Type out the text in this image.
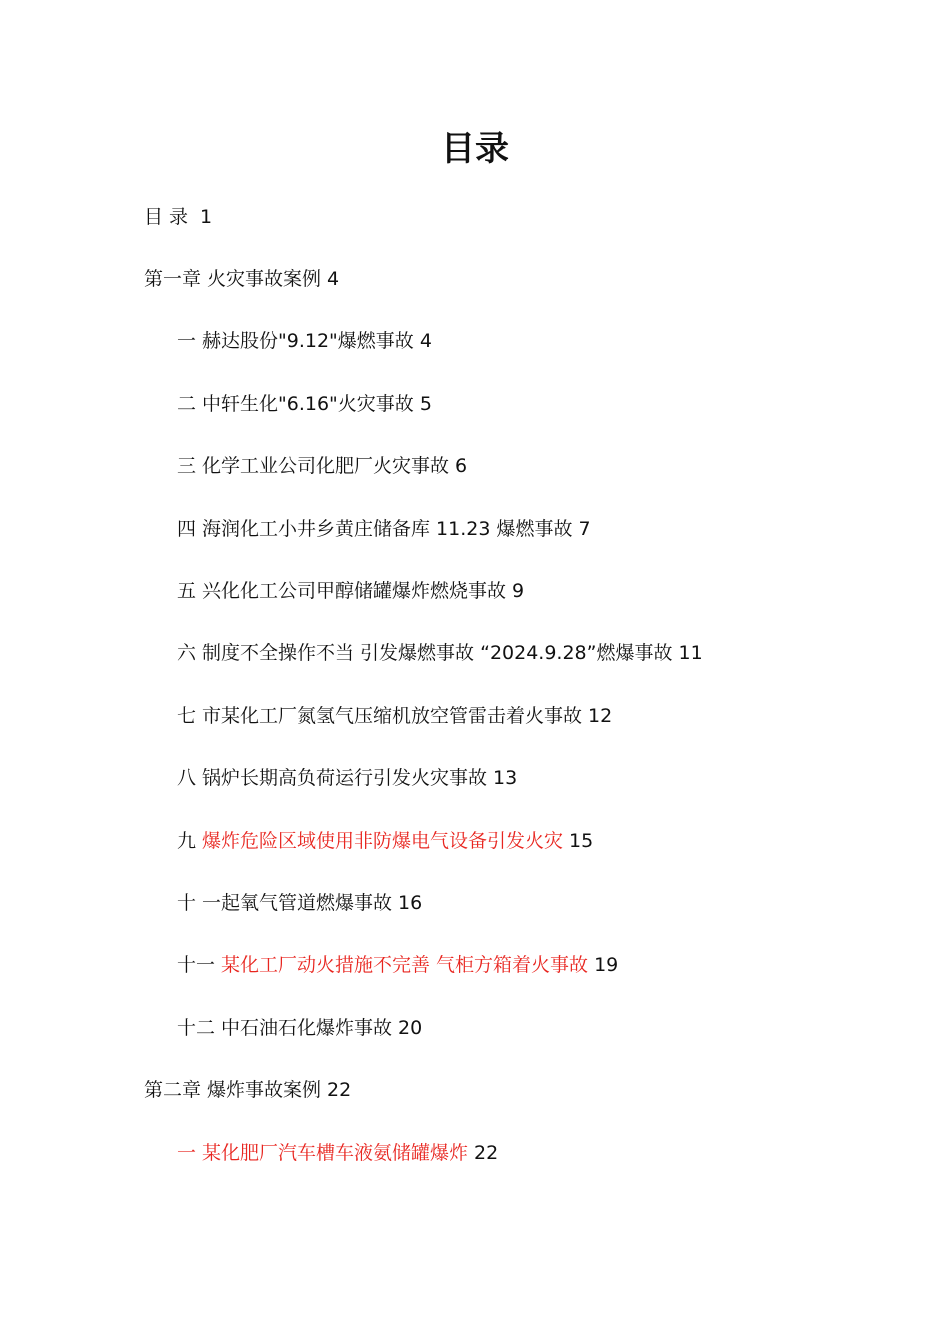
目录
目 录 1
第一章 火灾事故案例 4
一 赫达股份"9.12"爆燃事故 4
二 中轩生化"6.16"火灾事故 5
三 化学工业公司化肥厂火灾事故 6
四 海润化工小井乡黄庄储备库 11.23 爆燃事故 7
五 兴化化工公司甲醇储罐爆炸燃烧事故 9
六 制度不全操作不当 引发爆燃事故 “2024.9.28”燃爆事故 11
七 市某化工厂氮氢气压缩机放空管雷击着火事故 12
八 锅炉长期高负荷运行引发火灾事故 13
九 爆炸危险区域使用非防爆电气设备引发火灾 15
十 一起氧气管道燃爆事故 16
十一 某化工厂动火措施不完善 气柜方箱着火事故 19
十二 中石油石化爆炸事故 20
第二章 爆炸事故案例 22
一 某化肥厂汽车槽车液氨储罐爆炸 22
